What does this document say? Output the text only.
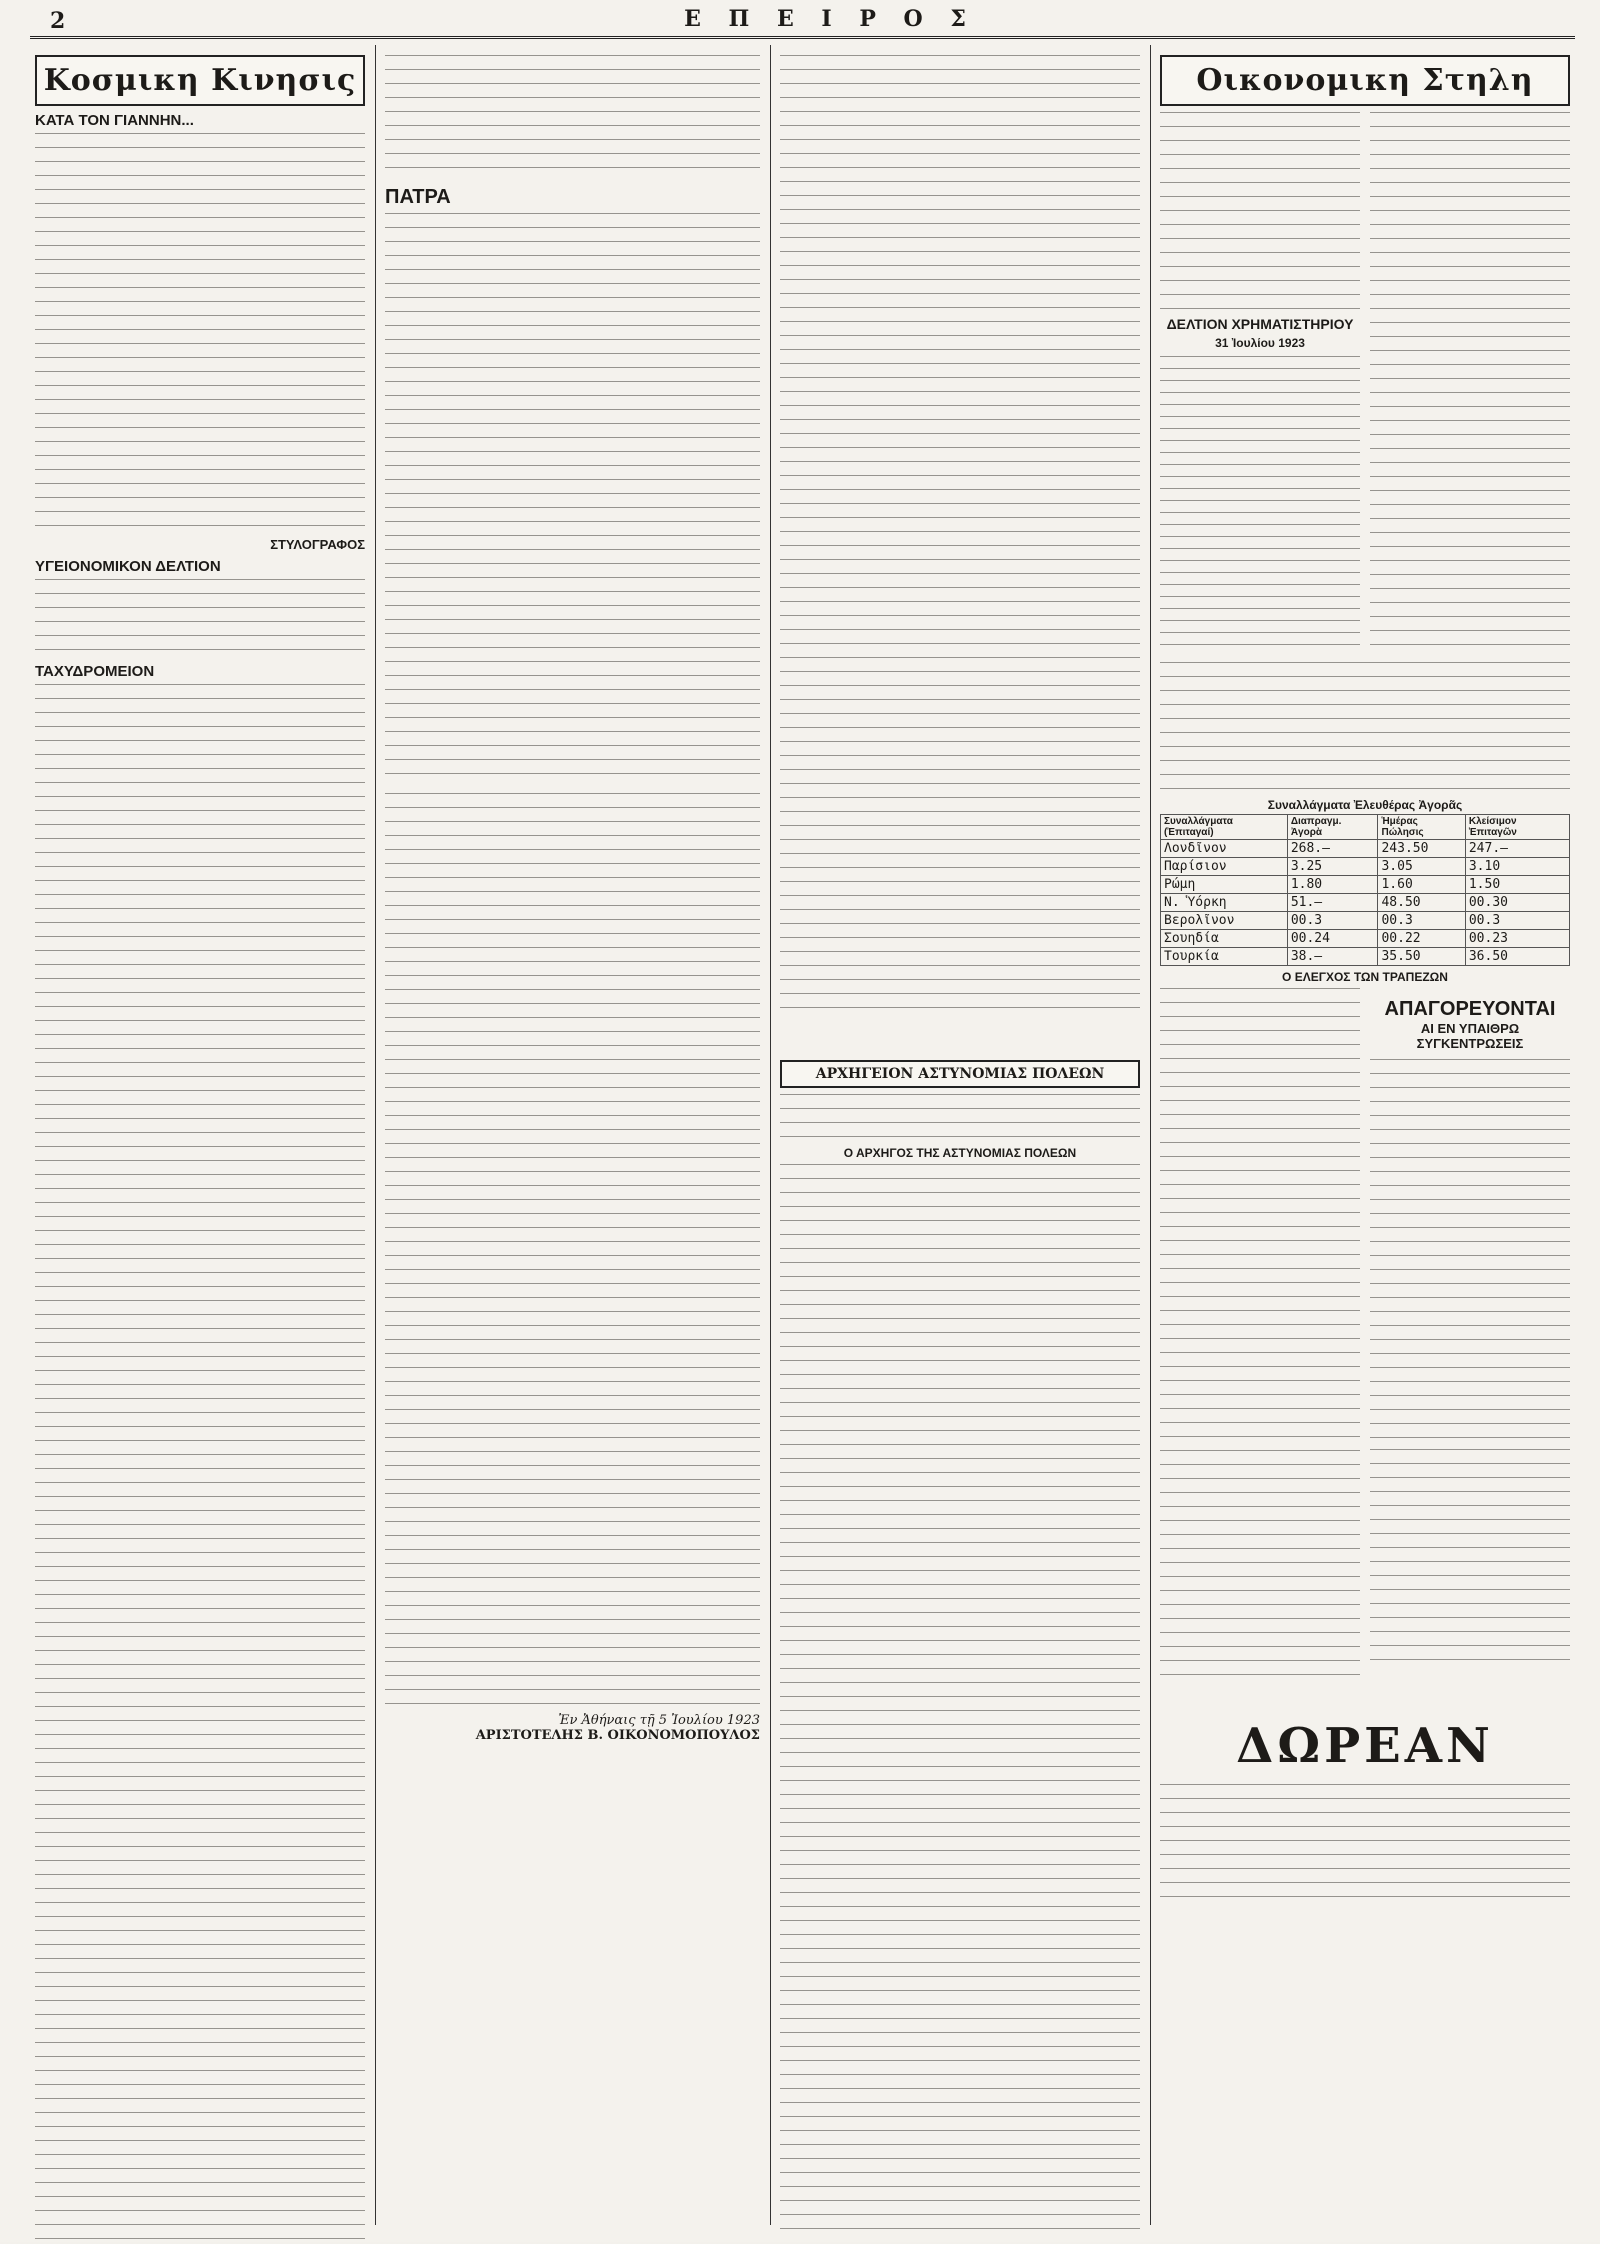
2	Ε Π Ε Ι Ρ Ο Σ
Κοσμικη Κινησις
ΚΑΤΑ ΤΟΝ ΓΙΑΝΝΗΝ...
ΣΤΥΛΟΓΡΑΦΟΣ
ΥΓΕΙΟΝΟΜΙΚΟΝ ΔΕΛΤΙΟΝ
ΤΑΧΥΔΡΟΜΕΙΟΝ
ΠΑΤΡΑ
Ἐν Ἀθήναις τῇ 5 Ἰουλίου 1923
ΑΡΙΣΤΟΤΕΛΗΣ Β. ΟΙΚΟΝΟΜΟΠΟΥΛΟΣ
ΑΡΧΗΓΕΙΟΝ ΑΣΤΥΝΟΜΙΑΣ ΠΟΛΕΩΝ
Ο ΑΡΧΗΓΟΣ ΤΗΣ ΑΣΤΥΝΟΜΙΑΣ ΠΟΛΕΩΝ
Οικονομικη Στηλη
ΔΕΛΤΙΟΝ ΧΡΗΜΑΤΙΣΤΗΡΙΟΥ
31 Ἰουλίου 1923
Συναλλάγματα Ἐλευθέρας Ἀγορᾶς
Συναλλάγματα (Ἐπιταγαί)	Διαπραγμ. Ἀγορὰ	Ἡμέρας Πώλησις	Κλείσιμον Ἐπιταγῶν
Λονδῖνον	268.—	243.50	247.—
Παρίσιον	3.25	3.05	3.10
Ρώμη	1.80	1.60	1.50
Ν. Ὑόρκη	51.—	48.50	00.30
Βερολῖνον	00.3	00.3	00.3
Σουηδία	00.24	00.22	00.23
Τουρκία	38.—	35.50	36.50
Ο ΕΛΕΓΧΟΣ ΤΩΝ ΤΡΑΠΕΖΩΝ
ΑΠΑΓΟΡΕΥΟΝΤΑΙ
ΑΙ ΕΝ ΥΠΑΙΘΡΩ ΣΥΓΚΕΝΤΡΩΣΕΙΣ
ΔΩΡΕΑΝ
